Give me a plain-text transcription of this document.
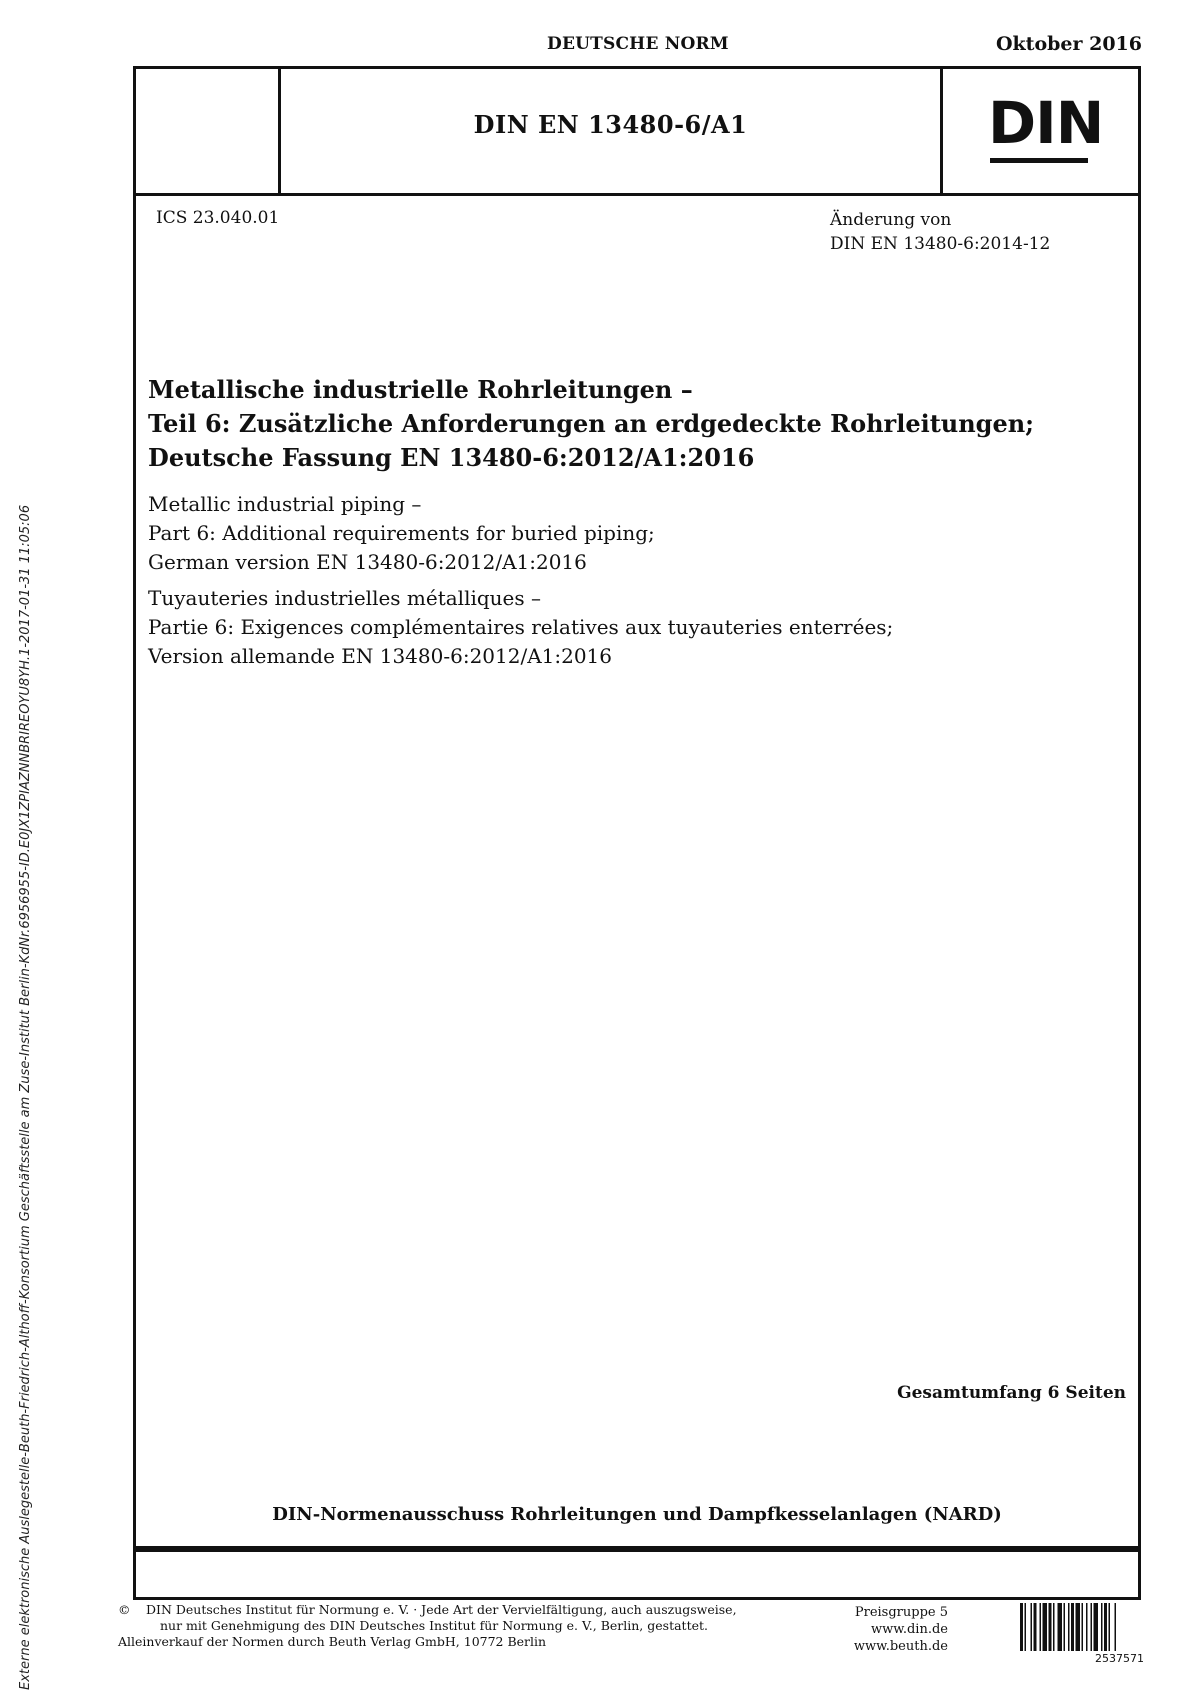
DEUTSCHE NORM	Oktober 2016
DIN EN 13480-6/A1	DIN
ICS 23.040.01	Änderung von
DIN EN 13480-6:2014-12
Metallische industrielle Rohrleitungen –
Teil 6: Zusätzliche Anforderungen an erdgedeckte Rohrleitungen;
Deutsche Fassung EN 13480-6:2012/A1:2016
Metallic industrial piping –
Part 6: Additional requirements for buried piping;
German version EN 13480-6:2012/A1:2016
Tuyauteries industrielles métalliques –
Partie 6: Exigences complémentaires relatives aux tuyauteries enterrées;
Version allemande EN 13480-6:2012/A1:2016
Gesamtumfang 6 Seiten
DIN-Normenausschuss Rohrleitungen und Dampfkesselanlagen (NARD)
© DIN Deutsches Institut für Normung e. V. · Jede Art der Vervielfältigung, auch auszugsweise,
nur mit Genehmigung des DIN Deutsches Institut für Normung e. V., Berlin, gestattet.
Alleinverkauf der Normen durch Beuth Verlag GmbH, 10772 Berlin
Preisgruppe 5
www.din.de
www.beuth.de
2537571
Externe elektronische Auslegestelle-Beuth-Friedrich-Althoff-Konsortium Geschäftsstelle am Zuse-Institut Berlin-KdNr.6956955-ID.E0JX1ZPIAZNNBRIREOYU8YH.1-2017-01-31 11:05:06
